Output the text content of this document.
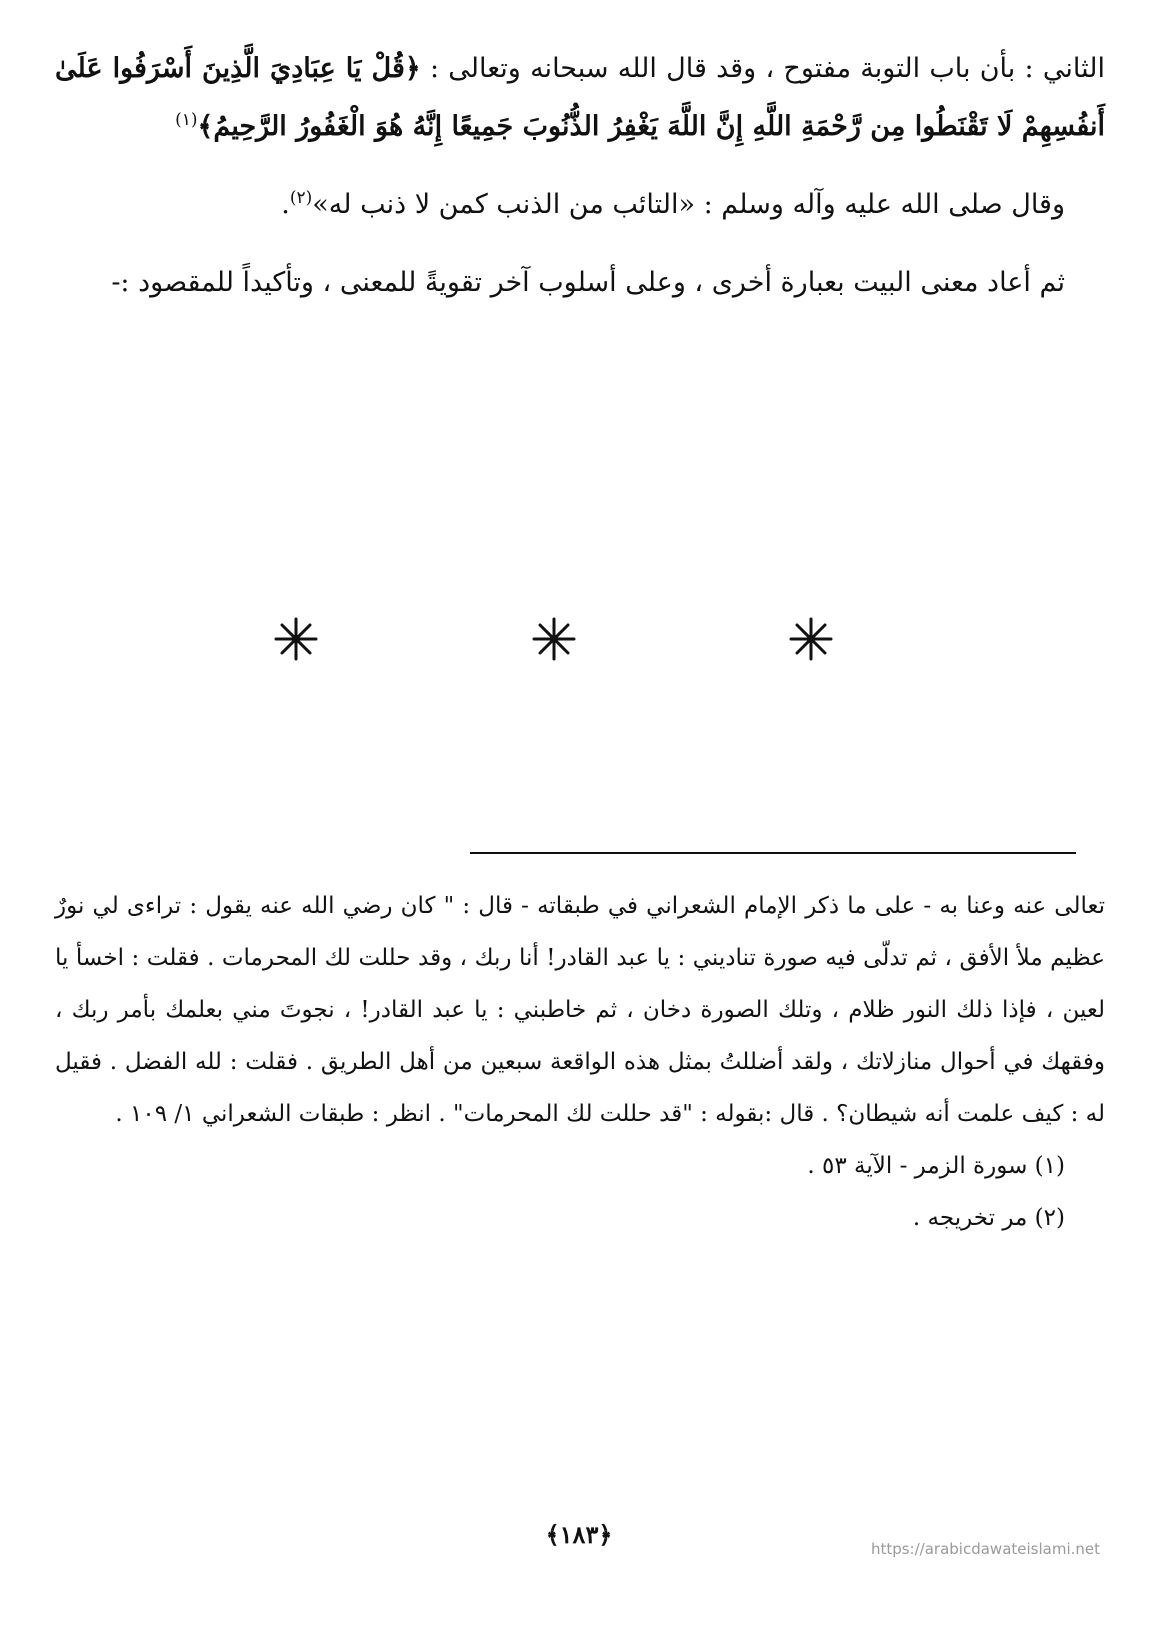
الثاني : بأن باب التوبة مفتوح ، وقد قال الله سبحانه وتعالى : ﴿قُلْ يَا عِبَادِيَ الَّذِينَ أَسْرَفُوا عَلَىٰ أَنفُسِهِمْ لَا تَقْنَطُوا مِن رَّحْمَةِ اللَّهِ إِنَّ اللَّهَ يَغْفِرُ الذُّنُوبَ جَمِيعًا إِنَّهُ هُوَ الْغَفُورُ الرَّحِيمُ﴾$^{(١)}$

وقال صلى الله عليه وآله وسلم : «التائب من الذنب كمن لا ذنب له»$^{(٢)}$.

ثم أعاد معنى البيت بعبارة أخرى ، وعلى أسلوب آخر تقويةً للمعنى ، وتأكيداً للمقصود :-

تعالى عنه وعنا به - على ما ذكر الإمام الشعراني في طبقاته - قال : " كان رضي الله عنه يقول : تراءى لي نورٌ عظيم ملأ الأفق ، ثم تدلّى فيه صورة تناديني : يا عبد القادر! أنا ربك ، وقد حللت لك المحرمات . فقلت : اخسأ يا لعين ، فإذا ذلك النور ظلام ، وتلك الصورة دخان ، ثم خاطبني : يا عبد القادر! ، نجوتَ مني بعلمك بأمر ربك ، وفقهك في أحوال منازلاتك ، ولقد أضللتُ بمثل هذه الواقعة سبعين من أهل الطريق . فقلت : لله الفضل . فقيل له : كيف علمت أنه شيطان؟ . قال :بقوله : "قد حللت لك المحرمات" . انظر : طبقات الشعراني ١/ ١٠٩ .

(١) سورة الزمر - الآية ٥٣ .

(٢) مر تخريجه .

﴿١٨٣﴾	https://arabicdawateislami.net
